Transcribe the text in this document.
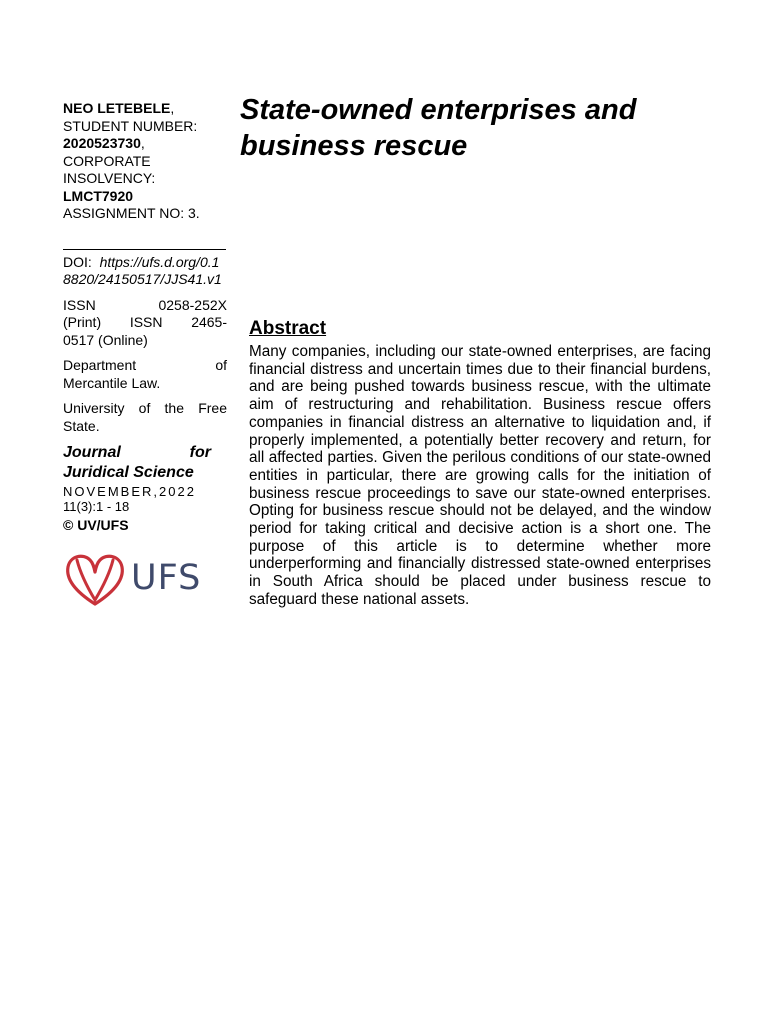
NEO LETEBELE, STUDENT NUMBER: 2020523730, CORPORATE INSOLVENCY: LMCT7920 ASSIGNMENT NO: 3.

DOI: https://ufs.d.org/0.18820/24150517/JJS41.v1

ISSN	0258-252X
(Print) ISSN 2465-
0517 (Online)
Department	of
Mercantile Law.
University of the Free State.
Journal	for
Juridical Science
NOVEMBER,2022
11(3):1 - 18
© UV/UFS
UFS
State-owned enterprises and business rescue
Abstract

Many companies, including our state-owned enterprises, are facing financial distress and uncertain times due to their financial burdens, and are being pushed towards business rescue, with the ultimate aim of restructuring and rehabilitation. Business rescue offers companies in financial distress an alternative to liquidation and, if properly implemented, a potentially better recovery and return, for all affected parties. Given the perilous conditions of our state-owned entities in particular, there are growing calls for the initiation of business rescue proceedings to save our state-owned enterprises. Opting for business rescue should not be delayed, and the window period for taking critical and decisive action is a short one. The purpose of this article is to determine whether more underperforming and financially distressed state-owned enterprises in South Africa should be placed under business rescue to safeguard these national assets.
